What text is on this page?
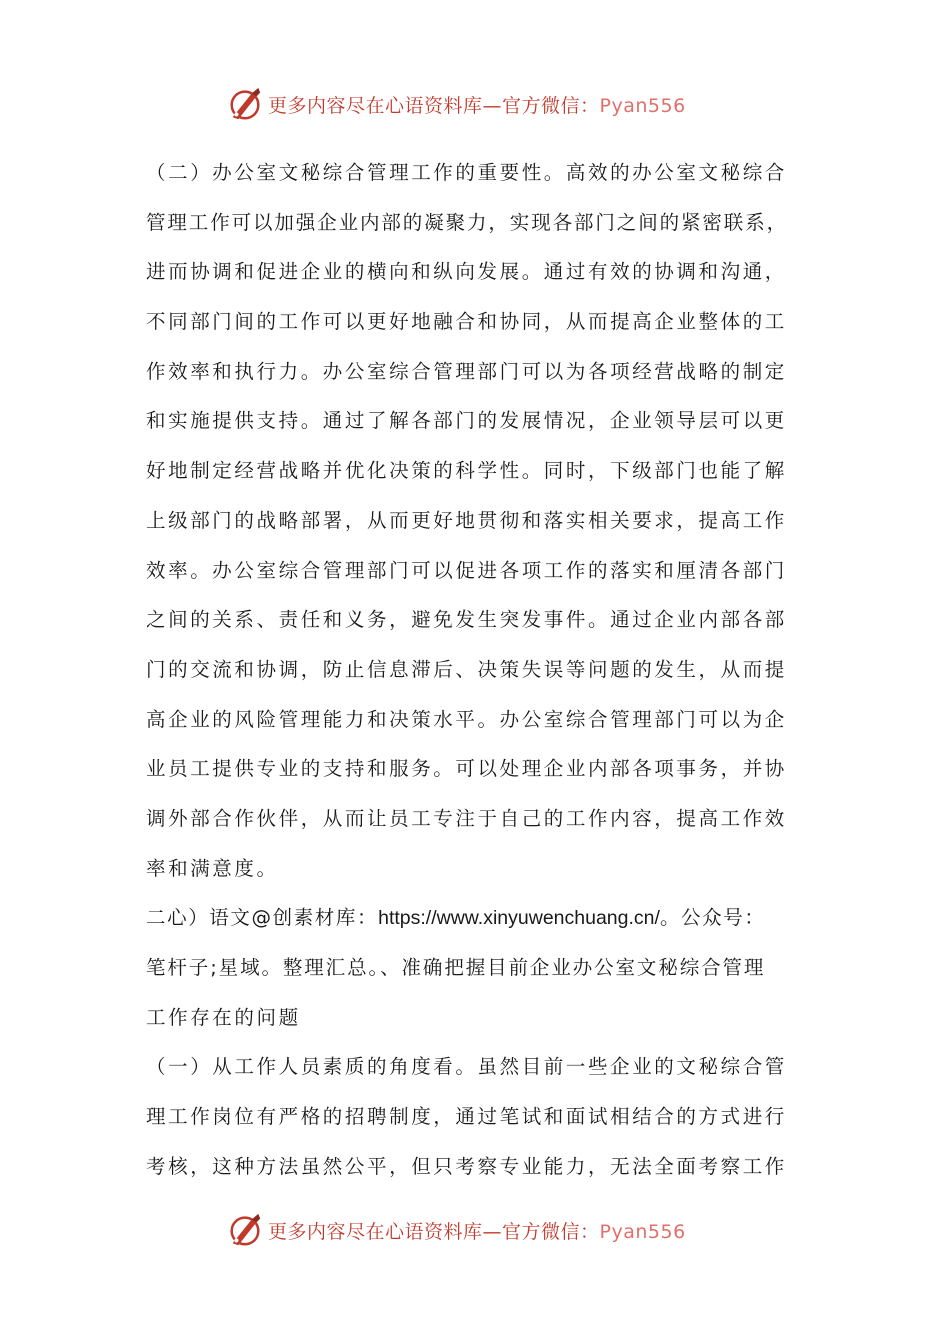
更多内容尽在心语资料库—官方微信：Pyan556
（二）办公室文秘综合管理工作的重要性。高效的办公室文秘综合
管理工作可以加强企业内部的凝聚力，实现各部门之间的紧密联系，
进而协调和促进企业的横向和纵向发展。通过有效的协调和沟通，
不同部门间的工作可以更好地融合和协同，从而提高企业整体的工
作效率和执行力。办公室综合管理部门可以为各项经营战略的制定
和实施提供支持。通过了解各部门的发展情况，企业领导层可以更
好地制定经营战略并优化决策的科学性。同时，下级部门也能了解
上级部门的战略部署，从而更好地贯彻和落实相关要求，提高工作
效率。办公室综合管理部门可以促进各项工作的落实和厘清各部门
之间的关系、责任和义务，避免发生突发事件。通过企业内部各部
门的交流和协调，防止信息滞后、决策失误等问题的发生，从而提
高企业的风险管理能力和决策水平。办公室综合管理部门可以为企
业员工提供专业的支持和服务。可以处理企业内部各项事务，并协
调外部合作伙伴，从而让员工专注于自己的工作内容，提高工作效
率和满意度。
二心）语文@创素材库：https://www.xinyuwenchuang.cn/。公众号：
笔杆子;星域。整理汇总。、准确把握目前企业办公室文秘综合管理
工作存在的问题
（一）从工作人员素质的角度看。虽然目前一些企业的文秘综合管
理工作岗位有严格的招聘制度，通过笔试和面试相结合的方式进行
考核，这种方法虽然公平，但只考察专业能力，无法全面考察工作
更多内容尽在心语资料库—官方微信：Pyan556
